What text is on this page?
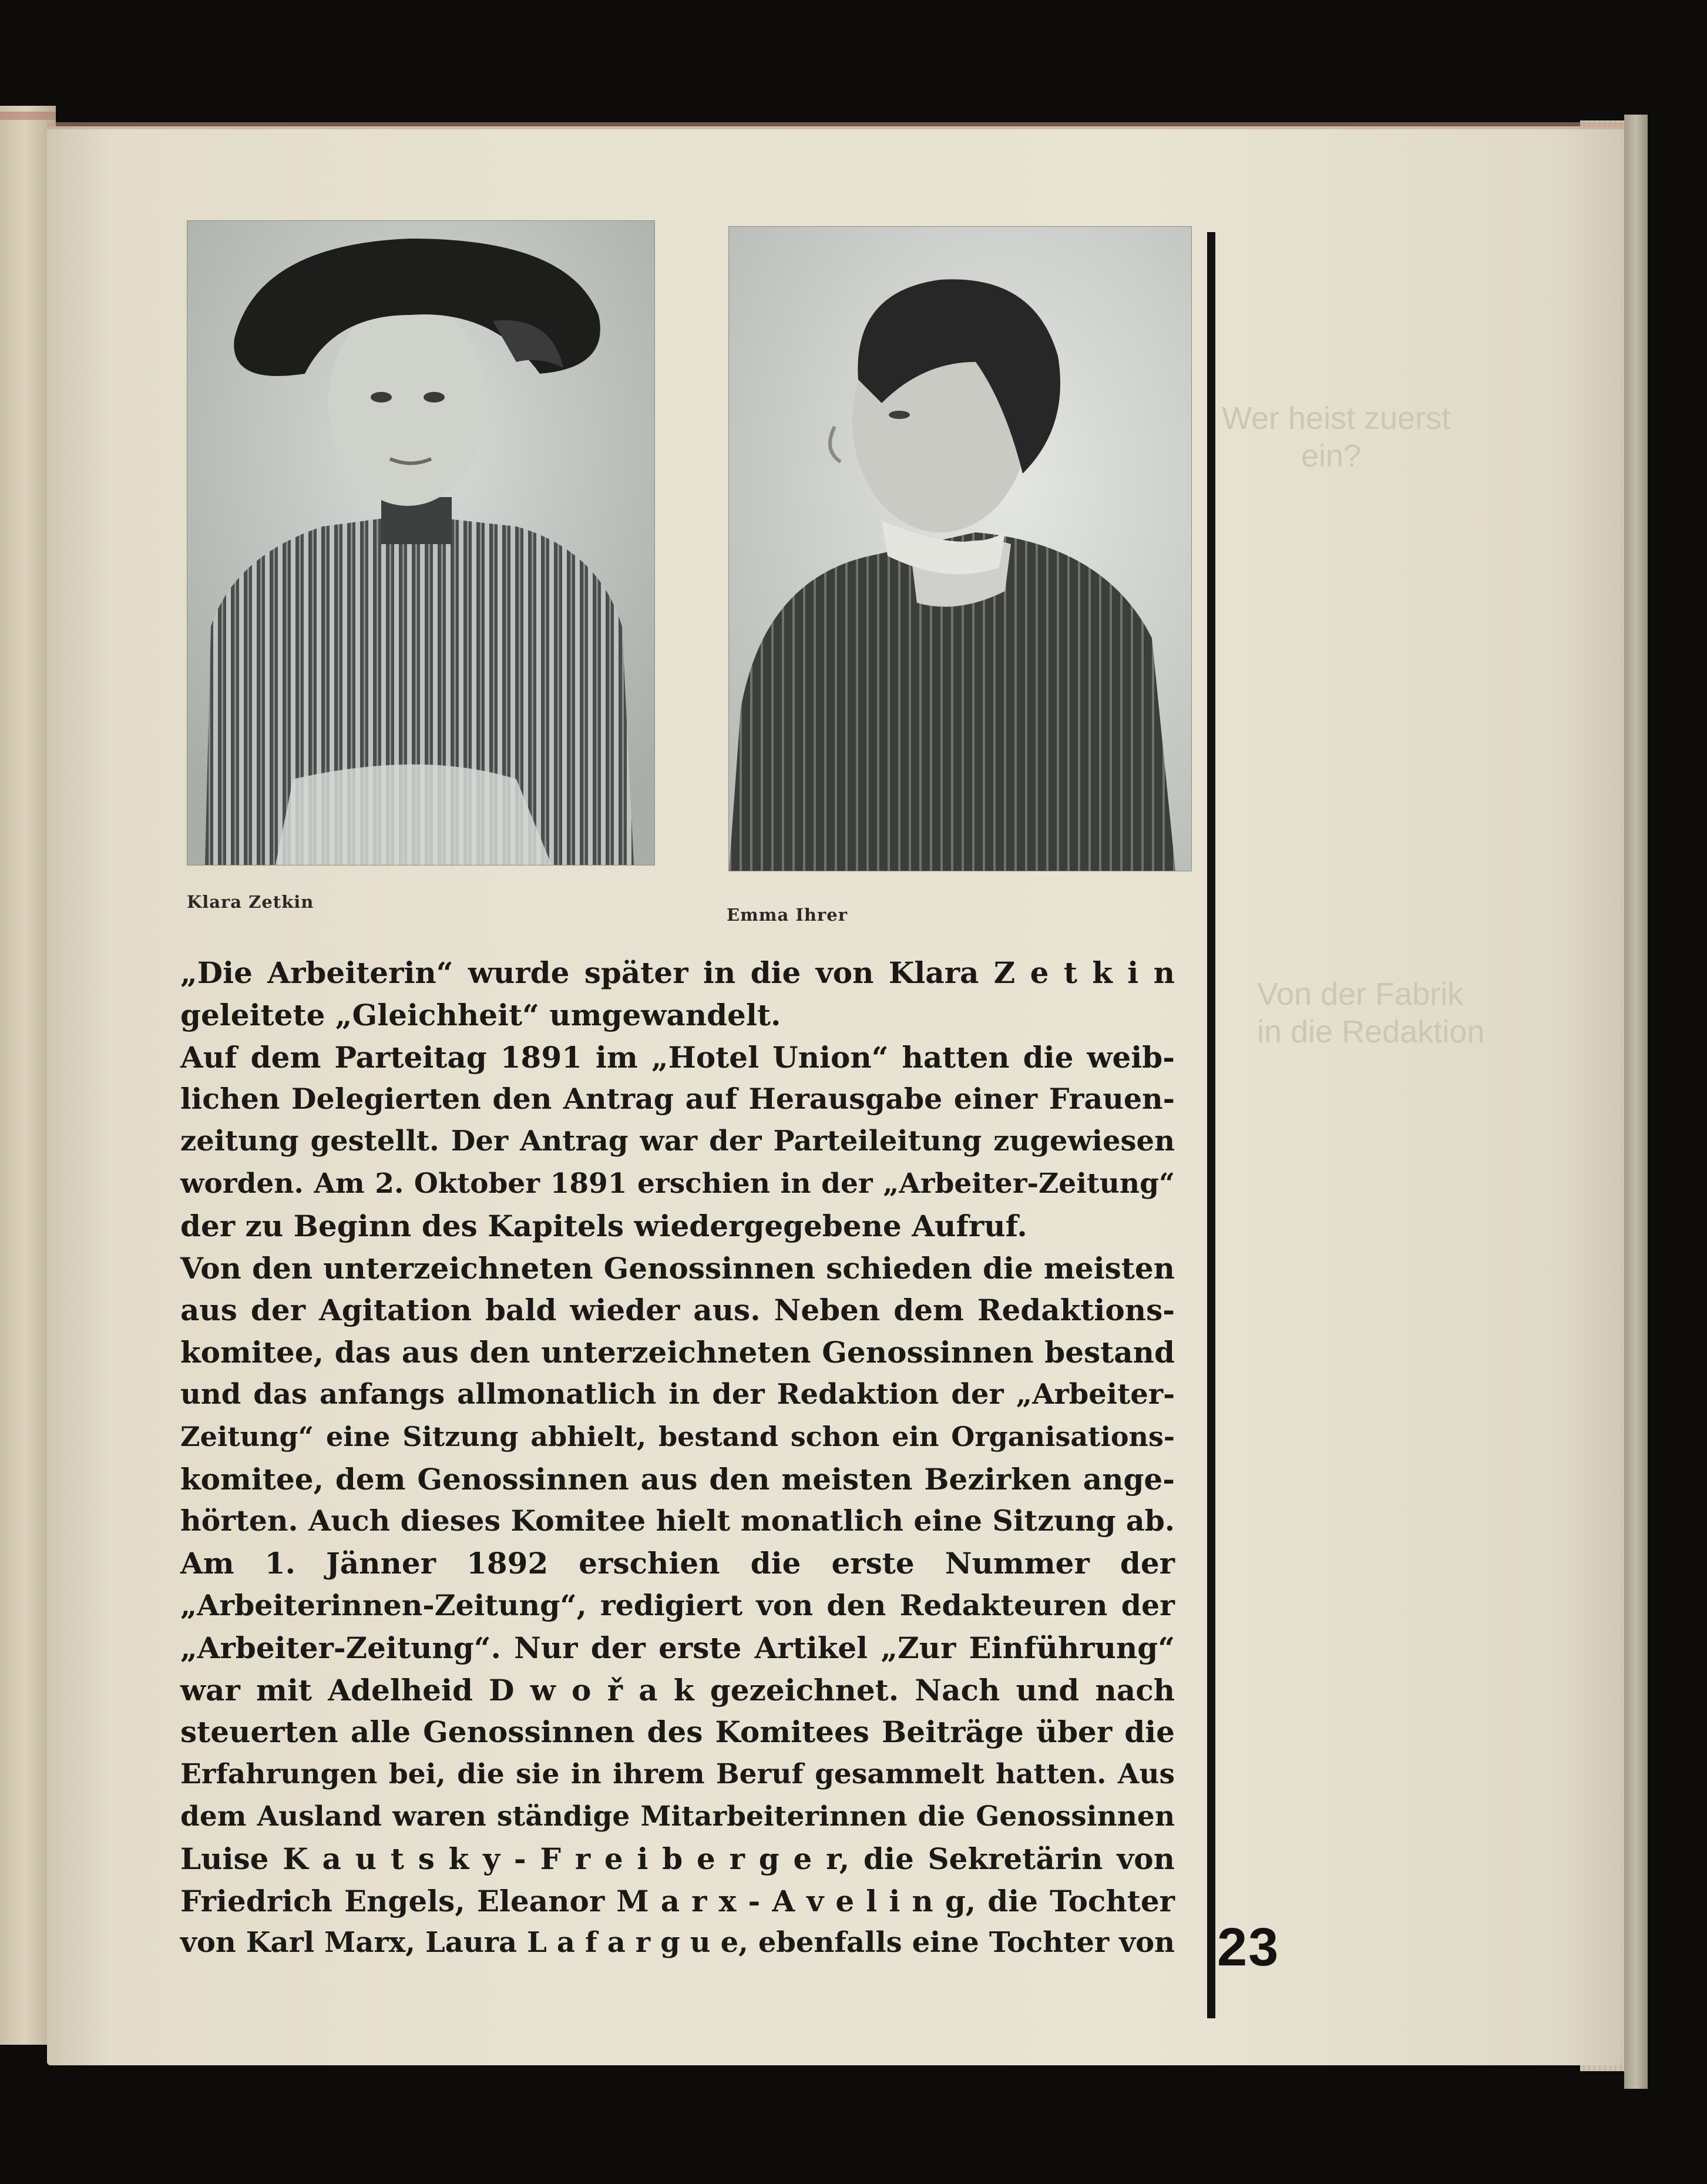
Wer heist zuerst
ein?
Von der Fabrik
in die Redaktion
Klara Zetkin
Emma Ihrer
„Die Arbeiterin“ wurde später in die von Klara Z e t k i n
geleitete „Gleichheit“ umgewandelt.
Auf dem Parteitag 1891 im „Hotel Union“ hatten die weib-
lichen Delegierten den Antrag auf Herausgabe einer Frauen-
zeitung gestellt. Der Antrag war der Parteileitung zugewiesen
worden. Am 2. Oktober 1891 erschien in der „Arbeiter-Zeitung“
der zu Beginn des Kapitels wiedergegebene Aufruf.
Von den unterzeichneten Genossinnen schieden die meisten
aus der Agitation bald wieder aus. Neben dem Redaktions-
komitee, das aus den unterzeichneten Genossinnen bestand
und das anfangs allmonatlich in der Redaktion der „Arbeiter-
Zeitung“ eine Sitzung abhielt, bestand schon ein Organisations-
komitee, dem Genossinnen aus den meisten Bezirken ange-
hörten. Auch dieses Komitee hielt monatlich eine Sitzung ab.
Am 1. Jänner 1892 erschien die erste Nummer der
„Arbeiterinnen-Zeitung“, redigiert von den Redakteuren der
„Arbeiter-Zeitung“. Nur der erste Artikel „Zur Einführung“
war mit Adelheid D w o ř a k gezeichnet. Nach und nach
steuerten alle Genossinnen des Komitees Beiträge über die
Erfahrungen bei, die sie in ihrem Beruf gesammelt hatten. Aus
dem Ausland waren ständige Mitarbeiterinnen die Genossinnen
Luise K a u t s k y - F r e i b e r g e r, die Sekretärin von
Friedrich Engels, Eleanor M a r x - A v e l i n g, die Tochter
von Karl Marx, Laura L a f a r g u e, ebenfalls eine Tochter von 23
